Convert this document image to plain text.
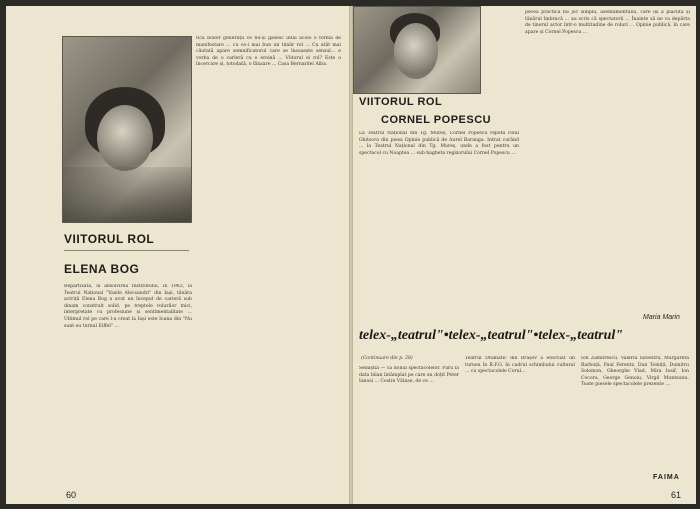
tică noilor generații ce nu-și găsesc întâi acolo o formă de manifestare ... cu ce-i mai bun un tânăr rol ... Cu atât mai căutată apare semnificatorul care se însușește sensul... e vorba de o carieră cu o eroină ... Viitorul ei rol? Este o încercare și, totodată, o fânzare ... Casa Bernardei Alba.
VIITORUL ROL
ELENA BOG
Repartizată, la absolvirea Institutului, în 1963, la Teatrul Național "Vasile Alecsandri" din Iași, tânăra actriță Elena Bog a avut un început de carieră sub dinam construit solid, pe treptele rolurilor mici, interpretate cu profesiune și sentimentalitate ... Ultimul rol pe care l-a creat la Iași este Ioana din "Nu sunt eu turnul Eiffel" ...
60
VIITORUL ROL
CORNEL POPESCU
La Teatrul Național din Tg. Mureș, Cornel Popescu repetă rolul Ghitsora din piesa Opinie publică de Aurel Baranga. Intrat curând ... la Teatrul Național din Tg. Mureș, unde a fost pentru un spectacol cu Noaptea ... sub bagheta regizorului Cornel Popescu ...
pecea practică nu joc simplu, asentamentului, care își a plăcută și tânărul îmbracă ... au scris că spectatorii ... Înainte să ne va depărta de tinerul actor într-o multitudine de roluri ... Opinie publică, în care apare și Cornel Popescu ...
Maria Marin
telex-„teatrul"•telex-„teatrul"•telex-„teatrul"
(Continuare din p. 28)
Sebaștia — ca donul spectacolelor. Păru la data bilan întâmplat pe care au doțit Peter Ianosi ... Costin Vătase, de ce ...
Teatrul Dramatic din Brașov a efectuat un turneu în R.F.G. în cadrul schimbului cultural ... cu spectacolele Corul...
Ion Zamfirescu, Valeriu Silvestru, Margareta Barbuță, Paul Ferentz, Dan Tomiță, Dumitru Solomon, Gheorghe Vlad, Mira Iosif, Ion Cocora, George Genoiu, Virgil Munteanu. Toate piesele spectacolele prezente ...
FAIMA
61
